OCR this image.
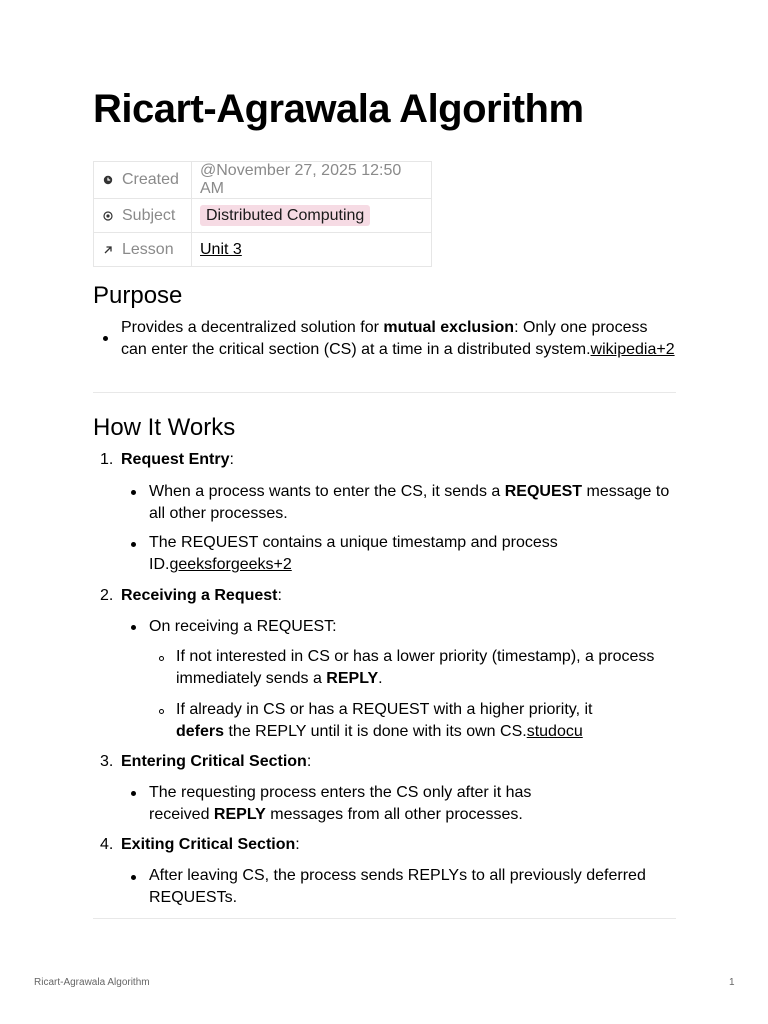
Ricart-Agrawala Algorithm
Created	@November 27, 2025 12:50 AM
Subject	Distributed Computing
Lesson	Unit 3
Purpose
Provides a decentralized solution for mutual exclusion: Only one process can enter the critical section (CS) at a time in a distributed system.wikipedia+2
How It Works
1. Request Entry:
When a process wants to enter the CS, it sends a REQUEST message to all other processes.
The REQUEST contains a unique timestamp and process ID.geeksforgeeks+2
2. Receiving a Request:
On receiving a REQUEST:
If not interested in CS or has a lower priority (timestamp), a process immediately sends a REPLY.
If already in CS or has a REQUEST with a higher priority, it defers the REPLY until it is done with its own CS.studocu
3. Entering Critical Section:
The requesting process enters the CS only after it has received REPLY messages from all other processes.
4. Exiting Critical Section:
After leaving CS, the process sends REPLYs to all previously deferred REQUESTs.
Ricart-Agrawala Algorithm	1
